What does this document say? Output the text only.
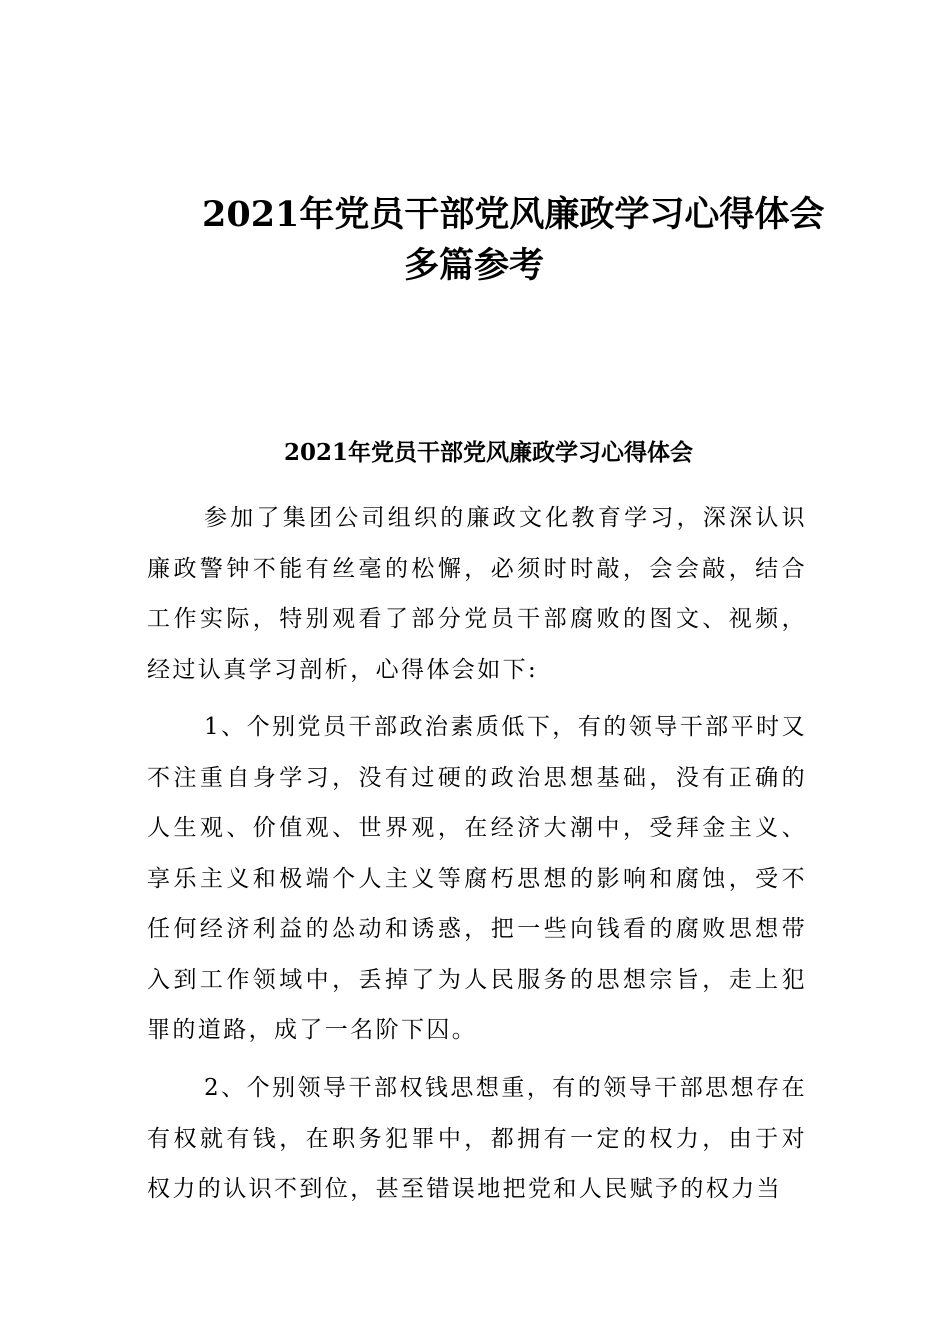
2021年党员干部党风廉政学习心得体会
多篇参考
2021年党员干部党风廉政学习心得体会

参加了集团公司组织的廉政文化教育学习，深深认识廉政警钟不能有丝毫的松懈，必须时时敲，会会敲，结合工作实际，特别观看了部分党员干部腐败的图文、视频，经过认真学习剖析，心得体会如下:

1、个别党员干部政治素质低下，有的领导干部平时又不注重自身学习，没有过硬的政治思想基础，没有正确的人生观、价值观、世界观，在经济大潮中，受拜金主义、享乐主义和极端个人主义等腐朽思想的影响和腐蚀，受不任何经济利益的怂动和诱惑，把一些向钱看的腐败思想带入到工作领域中，丢掉了为人民服务的思想宗旨，走上犯罪的道路，成了一名阶下囚。

2、个别领导干部权钱思想重，有的领导干部思想存在有权就有钱，在职务犯罪中，都拥有一定的权力，由于对权力的认识不到位，甚至错误地把党和人民赋予的权力当
